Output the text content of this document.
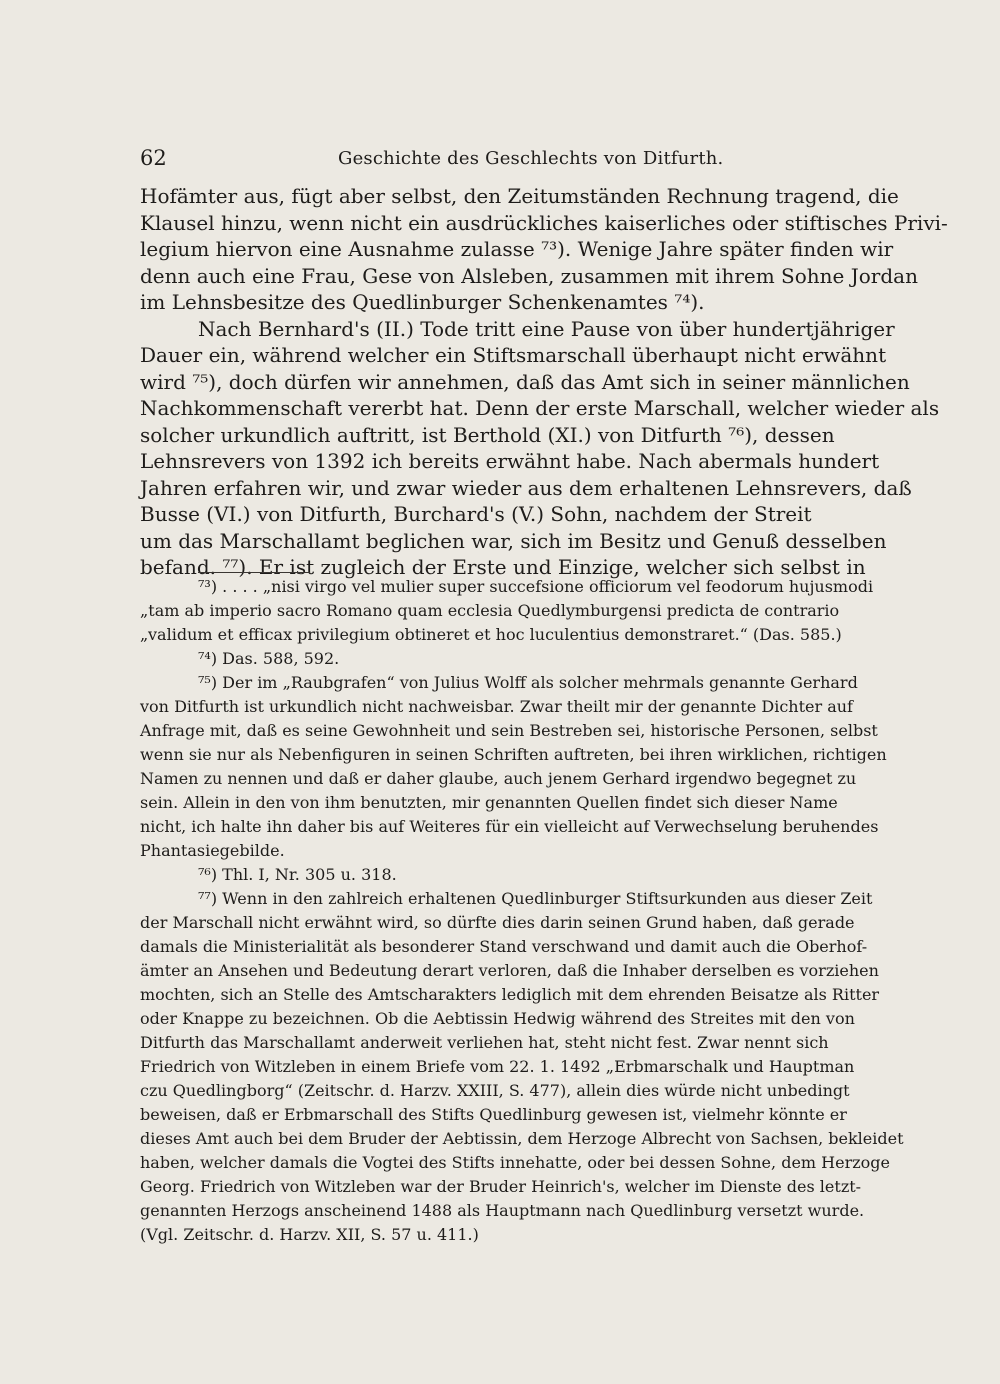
62	Geschichte des Geschlechts von Ditfurth.
Hofämter aus, fügt aber selbst, den Zeitumständen Rechnung tragend, die
Klausel hinzu, wenn nicht ein ausdrückliches kaiserliches oder stiftisches Privi-
legium hiervon eine Ausnahme zulasse ⁷³). Wenige Jahre später finden wir
denn auch eine Frau, Gese von Alsleben, zusammen mit ihrem Sohne Jordan
im Lehnsbesitze des Quedlinburger Schenkenamtes ⁷⁴).
Nach Bernhard's (II.) Tode tritt eine Pause von über hundertjähriger
Dauer ein, während welcher ein Stiftsmarschall überhaupt nicht erwähnt
wird ⁷⁵), doch dürfen wir annehmen, daß das Amt sich in seiner männlichen
Nachkommenschaft vererbt hat. Denn der erste Marschall, welcher wieder als
solcher urkundlich auftritt, ist Berthold (XI.) von Ditfurth ⁷⁶), dessen
Lehnsrevers von 1392 ich bereits erwähnt habe. Nach abermals hundert
Jahren erfahren wir, und zwar wieder aus dem erhaltenen Lehnsrevers, daß
Busse (VI.) von Ditfurth, Burchard's (V.) Sohn, nachdem der Streit
um das Marschallamt beglichen war, sich im Besitz und Genuß desselben
befand. ⁷⁷). Er ist zugleich der Erste und Einzige, welcher sich selbst in
⁷³) . . . . „nisi virgo vel mulier super succefsione officiorum vel feodorum hujusmodi
„tam ab imperio sacro Romano quam ecclesia Quedlymburgensi predicta de contrario
„validum et efficax privilegium obtineret et hoc luculentius demonstraret.“ (Das. 585.)
⁷⁴) Das. 588, 592.
⁷⁵) Der im „Raubgrafen“ von Julius Wolff als solcher mehrmals genannte Gerhard
von Ditfurth ist urkundlich nicht nachweisbar. Zwar theilt mir der genannte Dichter auf
Anfrage mit, daß es seine Gewohnheit und sein Bestreben sei, historische Personen, selbst
wenn sie nur als Nebenfiguren in seinen Schriften auftreten, bei ihren wirklichen, richtigen
Namen zu nennen und daß er daher glaube, auch jenem Gerhard irgendwo begegnet zu
sein. Allein in den von ihm benutzten, mir genannten Quellen findet sich dieser Name
nicht, ich halte ihn daher bis auf Weiteres für ein vielleicht auf Verwechselung beruhendes
Phantasiegebilde.
⁷⁶) Thl. I, Nr. 305 u. 318.
⁷⁷) Wenn in den zahlreich erhaltenen Quedlinburger Stiftsurkunden aus dieser Zeit
der Marschall nicht erwähnt wird, so dürfte dies darin seinen Grund haben, daß gerade
damals die Ministerialität als besonderer Stand verschwand und damit auch die Oberhof-
ämter an Ansehen und Bedeutung derart verloren, daß die Inhaber derselben es vorziehen
mochten, sich an Stelle des Amtscharakters lediglich mit dem ehrenden Beisatze als Ritter
oder Knappe zu bezeichnen. Ob die Aebtissin Hedwig während des Streites mit den von
Ditfurth das Marschallamt anderweit verliehen hat, steht nicht fest. Zwar nennt sich
Friedrich von Witzleben in einem Briefe vom 22. 1. 1492 „Erbmarschalk und Hauptman
czu Quedlingborg“ (Zeitschr. d. Harzv. XXIII, S. 477), allein dies würde nicht unbedingt
beweisen, daß er Erbmarschall des Stifts Quedlinburg gewesen ist, vielmehr könnte er
dieses Amt auch bei dem Bruder der Aebtissin, dem Herzoge Albrecht von Sachsen, bekleidet
haben, welcher damals die Vogtei des Stifts innehatte, oder bei dessen Sohne, dem Herzoge
Georg. Friedrich von Witzleben war der Bruder Heinrich's, welcher im Dienste des letzt-
genannten Herzogs anscheinend 1488 als Hauptmann nach Quedlinburg versetzt wurde.
(Vgl. Zeitschr. d. Harzv. XII, S. 57 u. 411.)
